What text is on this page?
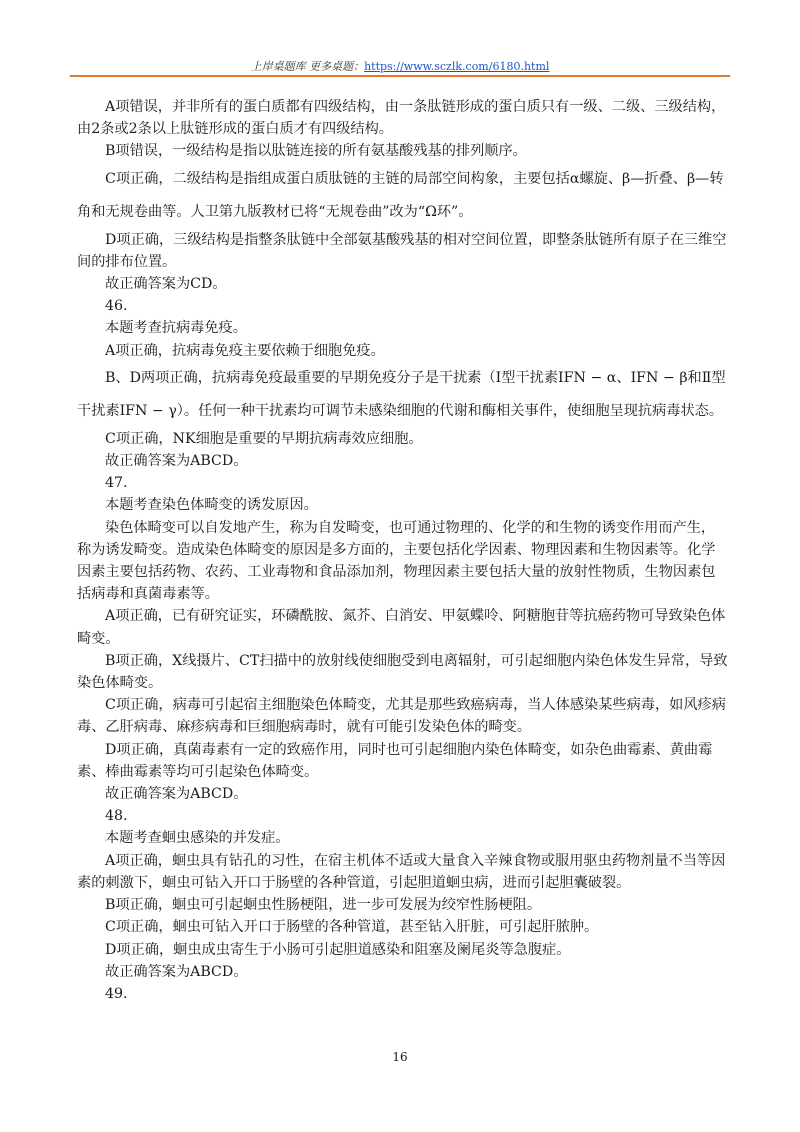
上岸桌题库 更多桌题：https://www.sczlk.com/6180.html

A项错误，并非所有的蛋白质都有四级结构，由一条肽链形成的蛋白质只有一级、二级、三级结构，由2条或2条以上肽链形成的蛋白质才有四级结构。

B项错误，一级结构是指以肽链连接的所有氨基酸残基的排列顺序。

C项正确，二级结构是指组成蛋白质肽链的主链的局部空间构象，主要包括α螺旋、β—折叠、β—转角和无规卷曲等。人卫第九版教材已将“无规卷曲”改为“Ω环”。

D项正确，三级结构是指整条肽链中全部氨基酸残基的相对空间位置，即整条肽链所有原子在三维空间的排布位置。

故正确答案为CD。

46.

本题考查抗病毒免疫。

A项正确，抗病毒免疫主要依赖于细胞免疫。

B、D两项正确，抗病毒免疫最重要的早期免疫分子是干扰素（Ⅰ型干扰素IFN − α、IFN − β和Ⅱ型干扰素IFN − γ）。任何一种干扰素均可调节未感染细胞的代谢和酶相关事件，使细胞呈现抗病毒状态。

C项正确，NK细胞是重要的早期抗病毒效应细胞。

故正确答案为ABCD。

47.

本题考查染色体畸变的诱发原因。

染色体畸变可以自发地产生，称为自发畸变，也可通过物理的、化学的和生物的诱变作用而产生，称为诱发畸变。造成染色体畸变的原因是多方面的，主要包括化学因素、物理因素和生物因素等。化学因素主要包括药物、农药、工业毒物和食品添加剂，物理因素主要包括大量的放射性物质，生物因素包括病毒和真菌毒素等。

A项正确，已有研究证实，环磷酰胺、氮芥、白消安、甲氨蝶呤、阿糖胞苷等抗癌药物可导致染色体畸变。

B项正确，X线摄片、CT扫描中的放射线使细胞受到电离辐射，可引起细胞内染色体发生异常，导致染色体畸变。

C项正确，病毒可引起宿主细胞染色体畸变，尤其是那些致癌病毒，当人体感染某些病毒，如风疹病毒、乙肝病毒、麻疹病毒和巨细胞病毒时，就有可能引发染色体的畸变。

D项正确，真菌毒素有一定的致癌作用，同时也可引起细胞内染色体畸变，如杂色曲霉素、黄曲霉素、棒曲霉素等均可引起染色体畸变。

故正确答案为ABCD。

48.

本题考查蛔虫感染的并发症。

A项正确，蛔虫具有钻孔的习性，在宿主机体不适或大量食入辛辣食物或服用驱虫药物剂量不当等因素的刺激下，蛔虫可钻入开口于肠壁的各种管道，引起胆道蛔虫病，进而引起胆囊破裂。

B项正确，蛔虫可引起蛔虫性肠梗阻，进一步可发展为绞窄性肠梗阻。

C项正确，蛔虫可钻入开口于肠壁的各种管道，甚至钻入肝脏，可引起肝脓肿。

D项正确，蛔虫成虫寄生于小肠可引起胆道感染和阻塞及阑尾炎等急腹症。

故正确答案为ABCD。

49.

16
